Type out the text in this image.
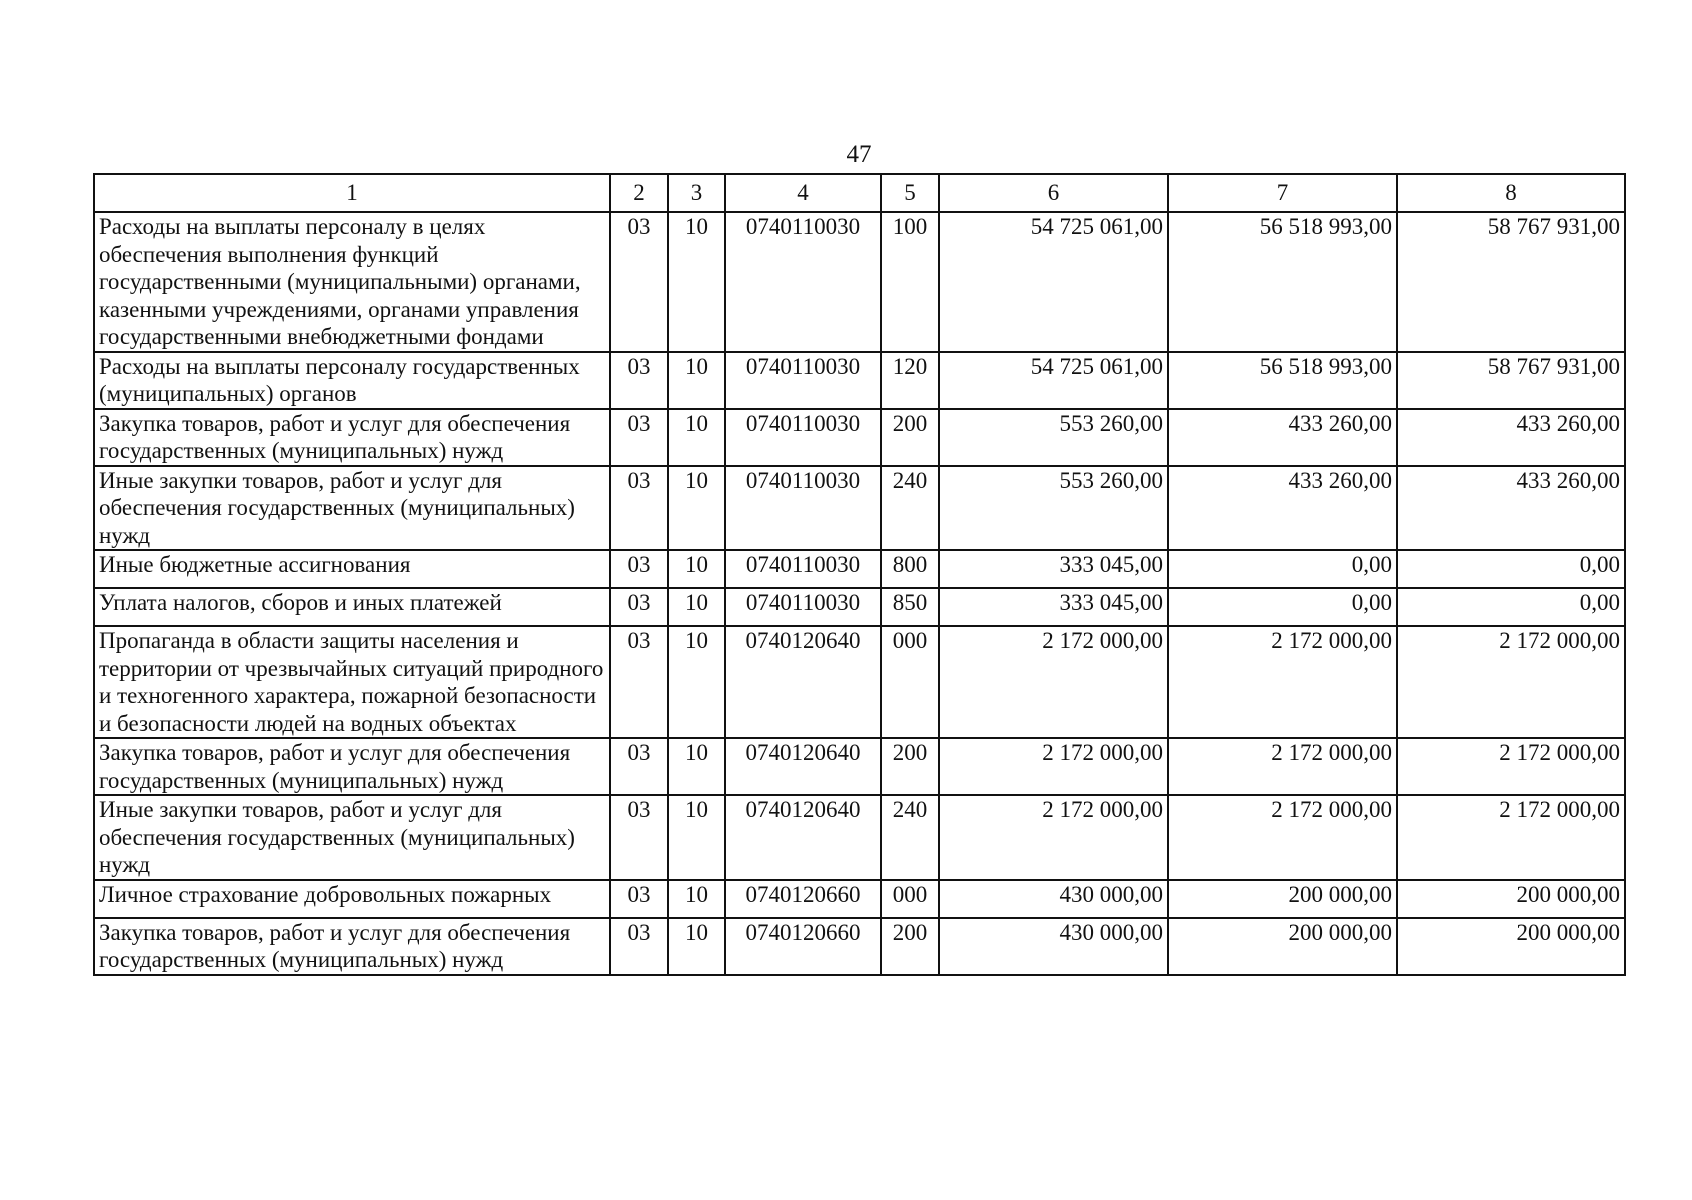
47
1	2	3	4	5	6	7	8
Расходы на выплаты персоналу в целях обеспечения выполнения функций государственными (муниципальными) органами, казенными учреждениями, органами управления государственными внебюджетными фондами	03	10	0740110030	100	54 725 061,00	56 518 993,00	58 767 931,00
Расходы на выплаты персоналу государственных (муниципальных) органов	03	10	0740110030	120	54 725 061,00	56 518 993,00	58 767 931,00
Закупка товаров, работ и услуг для обеспечения государственных (муниципальных) нужд	03	10	0740110030	200	553 260,00	433 260,00	433 260,00
Иные закупки товаров, работ и услуг для обеспечения государственных (муниципальных) нужд	03	10	0740110030	240	553 260,00	433 260,00	433 260,00
Иные бюджетные ассигнования	03	10	0740110030	800	333 045,00	0,00	0,00
Уплата налогов, сборов и иных платежей	03	10	0740110030	850	333 045,00	0,00	0,00
Пропаганда в области защиты населения и территории от чрезвычайных ситуаций природного и техногенного характера, пожарной безопасности и безопасности людей на водных объектах	03	10	0740120640	000	2 172 000,00	2 172 000,00	2 172 000,00
Закупка товаров, работ и услуг для обеспечения государственных (муниципальных) нужд	03	10	0740120640	200	2 172 000,00	2 172 000,00	2 172 000,00
Иные закупки товаров, работ и услуг для обеспечения государственных (муниципальных) нужд	03	10	0740120640	240	2 172 000,00	2 172 000,00	2 172 000,00
Личное страхование добровольных пожарных	03	10	0740120660	000	430 000,00	200 000,00	200 000,00
Закупка товаров, работ и услуг для обеспечения государственных (муниципальных) нужд	03	10	0740120660	200	430 000,00	200 000,00	200 000,00
